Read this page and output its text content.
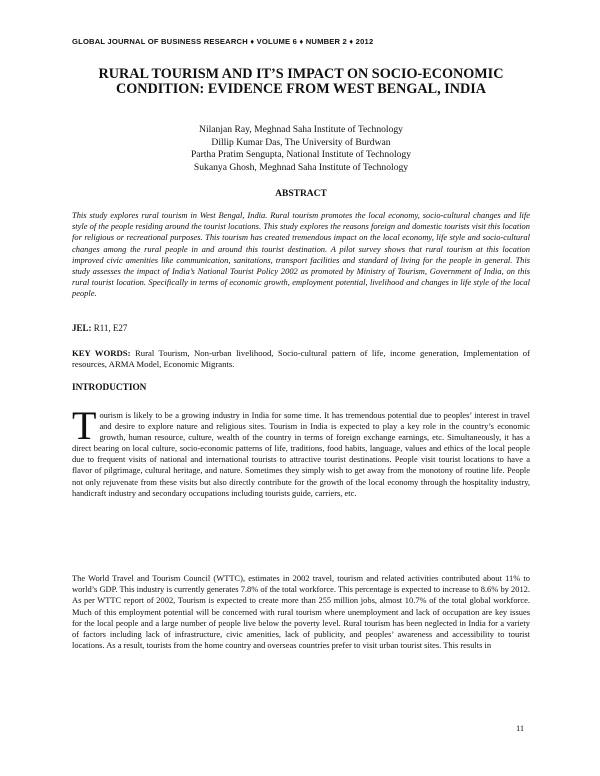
GLOBAL JOURNAL OF BUSINESS RESEARCH ♦ VOLUME 6 ♦ NUMBER 2 ♦ 2012
RURAL TOURISM AND IT’S IMPACT ON SOCIO-ECONOMIC CONDITION: EVIDENCE FROM WEST BENGAL, INDIA
Nilanjan Ray, Meghnad Saha Institute of Technology
Dillip Kumar Das, The University of Burdwan
Partha Pratim Sengupta, National Institute of Technology
Sukanya Ghosh, Meghnad Saha Institute of Technology
ABSTRACT
This study explores rural tourism in West Bengal, India. Rural tourism promotes the local economy, socio-cultural changes and life style of the people residing around the tourist locations. This study explores the reasons foreign and domestic tourists visit this location for religious or recreational purposes. This tourism has created tremendous impact on the local economy, life style and socio-cultural changes among the rural people in and around this tourist destination. A pilot survey shows that rural tourism at this location improved civic amenities like communication, sanitations, transport facilities and standard of living for the people in general. This study assesses the impact of India’s National Tourist Policy 2002 as promoted by Ministry of Tourism, Government of India, on this rural tourist location. Specifically in terms of economic growth, employment potential, livelihood and changes in life style of the local people.
JEL: R11, E27
KEY WORDS: Rural Tourism, Non-urban livelihood, Socio-cultural pattern of life, income generation, Implementation of resources, ARMA Model, Economic Migrants.
INTRODUCTION
Tourism is likely to be a growing industry in India for some time. It has tremendous potential due to peoples’ interest in travel and desire to explore nature and religious sites. Tourism in India is expected to play a key role in the country’s economic growth, human resource, culture, wealth of the country in terms of foreign exchange earnings, etc. Simultaneously, it has a direct bearing on local culture, socio-economic patterns of life, traditions, food habits, language, values and ethics of the local people due to frequent visits of national and international tourists to attractive tourist destinations. People visit tourist locations to have a flavor of pilgrimage, cultural heritage, and nature. Sometimes they simply wish to get away from the monotony of routine life. People not only rejuvenate from these visits but also directly contribute for the growth of the local economy through the hospitality industry, handicraft industry and secondary occupations including tourists guide, carriers, etc.
The World Travel and Tourism Council (WTTC), estimates in 2002 travel, tourism and related activities contributed about 11% to world’s GDP. This industry is currently generates 7.8% of the total workforce. This percentage is expected to increase to 8.6% by 2012. As per WTTC report of 2002, Tourism is expected to create more than 255 million jobs, almost 10.7% of the total global workforce. Much of this employment potential will be concerned with rural tourism where unemployment and lack of occupation are key issues for the local people and a large number of people live below the poverty level. Rural tourism has been neglected in India for a variety of factors including lack of infrastructure, civic amenities, lack of publicity, and peoples’ awareness and accessibility to tourist locations. As a result, tourists from the home country and overseas countries prefer to visit urban tourist sites. This results in
11
